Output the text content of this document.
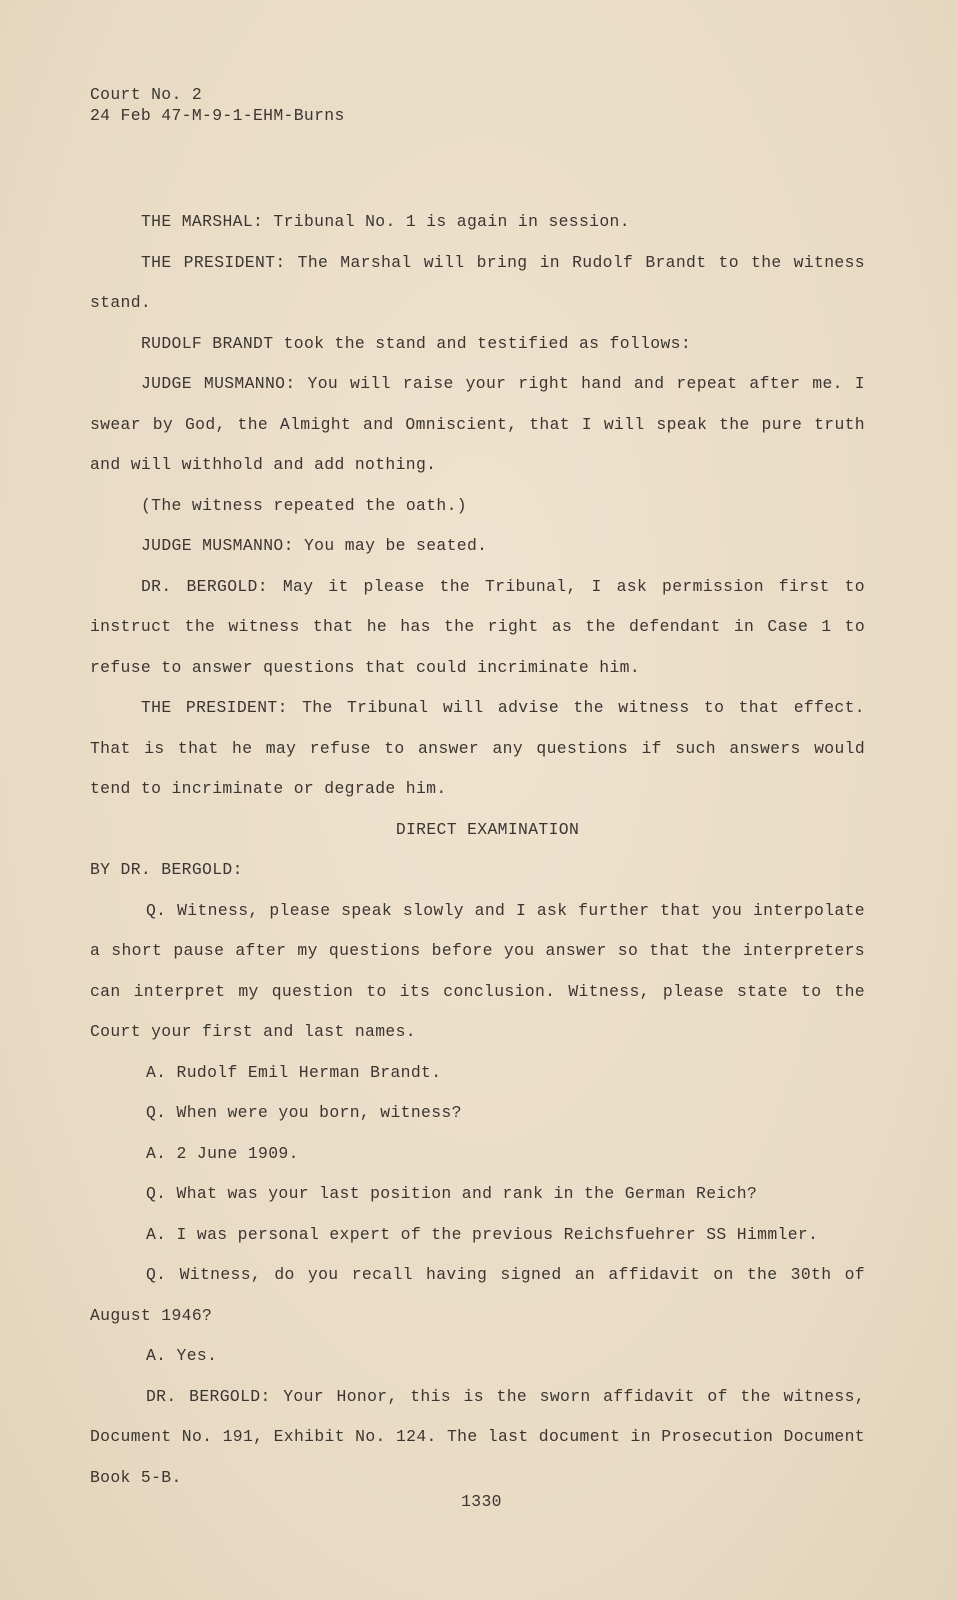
Court No. 2
24 Feb 47-M-9-1-EHM-Burns

THE MARSHAL: Tribunal No. 1 is again in session.

THE PRESIDENT: The Marshal will bring in Rudolf Brandt to the witness stand.

RUDOLF BRANDT took the stand and testified as follows:

JUDGE MUSMANNO: You will raise your right hand and repeat after me. I swear by God, the Almight and Omniscient, that I will speak the pure truth and will withhold and add nothing.

(The witness repeated the oath.)

JUDGE MUSMANNO: You may be seated.

DR. BERGOLD: May it please the Tribunal, I ask permission first to instruct the witness that he has the right as the defendant in Case 1 to refuse to answer questions that could incriminate him.

THE PRESIDENT: The Tribunal will advise the witness to that effect. That is that he may refuse to answer any questions if such answers would tend to incriminate or degrade him.

DIRECT EXAMINATION

BY DR. BERGOLD:

Q. Witness, please speak slowly and I ask further that you interpolate a short pause after my questions before you answer so that the interpreters can interpret my question to its conclusion. Witness, please state to the Court your first and last names.

A. Rudolf Emil Herman Brandt.

Q. When were you born, witness?

A. 2 June 1909.

Q. What was your last position and rank in the German Reich?

A. I was personal expert of the previous Reichsfuehrer SS Himmler.

Q. Witness, do you recall having signed an affidavit on the 30th of August 1946?

A. Yes.

DR. BERGOLD: Your Honor, this is the sworn affidavit of the witness, Document No. 191, Exhibit No. 124. The last document in Prosecution Document Book 5-B.

1330
